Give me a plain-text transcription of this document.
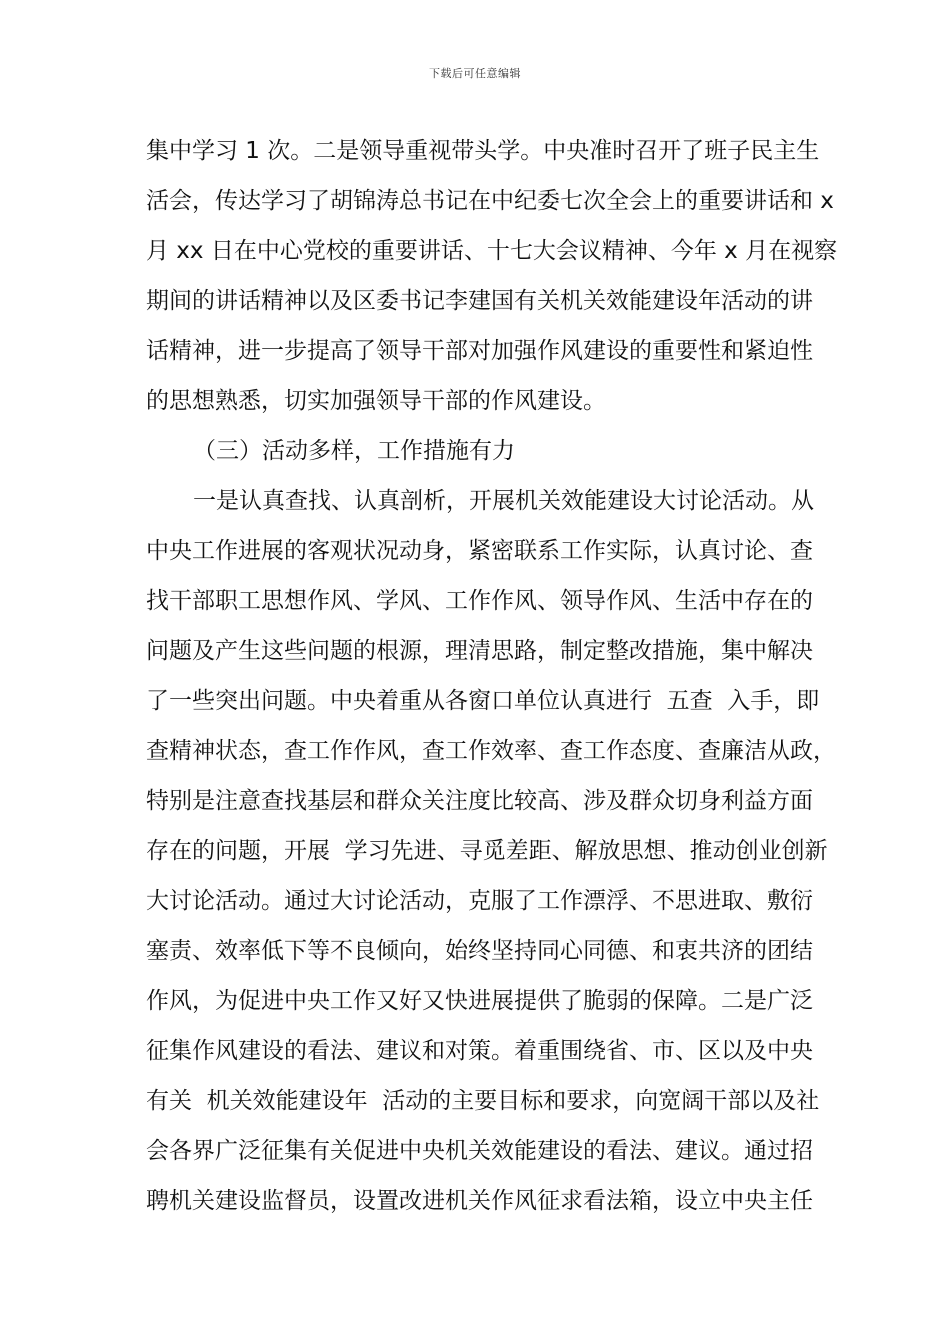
下载后可任意编辑
集中学习 1 次。二是领导重视带头学。中央准时召开了班子民主生
活会，传达学习了胡锦涛总书记在中纪委七次全会上的重要讲话和 x
月 xx 日在中心党校的重要讲话、十七大会议精神、今年 x 月在视察
期间的讲话精神以及区委书记李建国有关机关效能建设年活动的讲
话精神，进一步提高了领导干部对加强作风建设的重要性和紧迫性
的思想熟悉，切实加强领导干部的作风建设。
（三）活动多样，工作措施有力
一是认真查找、认真剖析，开展机关效能建设大讨论活动。从
中央工作进展的客观状况动身，紧密联系工作实际，认真讨论、查
找干部职工思想作风、学风、工作作风、领导作风、生活中存在的
问题及产生这些问题的根源，理清思路，制定整改措施，集中解决
了一些突出问题。中央着重从各窗口单位认真进行  五查  入手，即
查精神状态，查工作作风，查工作效率、查工作态度、查廉洁从政，
特别是注意查找基层和群众关注度比较高、涉及群众切身利益方面
存在的问题，开展  学习先进、寻觅差距、解放思想、推动创业创新
大讨论活动。通过大讨论活动，克服了工作漂浮、不思进取、敷衍
塞责、效率低下等不良倾向，始终坚持同心同德、和衷共济的团结
作风，为促进中央工作又好又快进展提供了脆弱的保障。二是广泛
征集作风建设的看法、建议和对策。着重围绕省、市、区以及中央
有关  机关效能建设年  活动的主要目标和要求，向宽阔干部以及社
会各界广泛征集有关促进中央机关效能建设的看法、建议。通过招
聘机关建设监督员，设置改进机关作风征求看法箱，设立中央主任
